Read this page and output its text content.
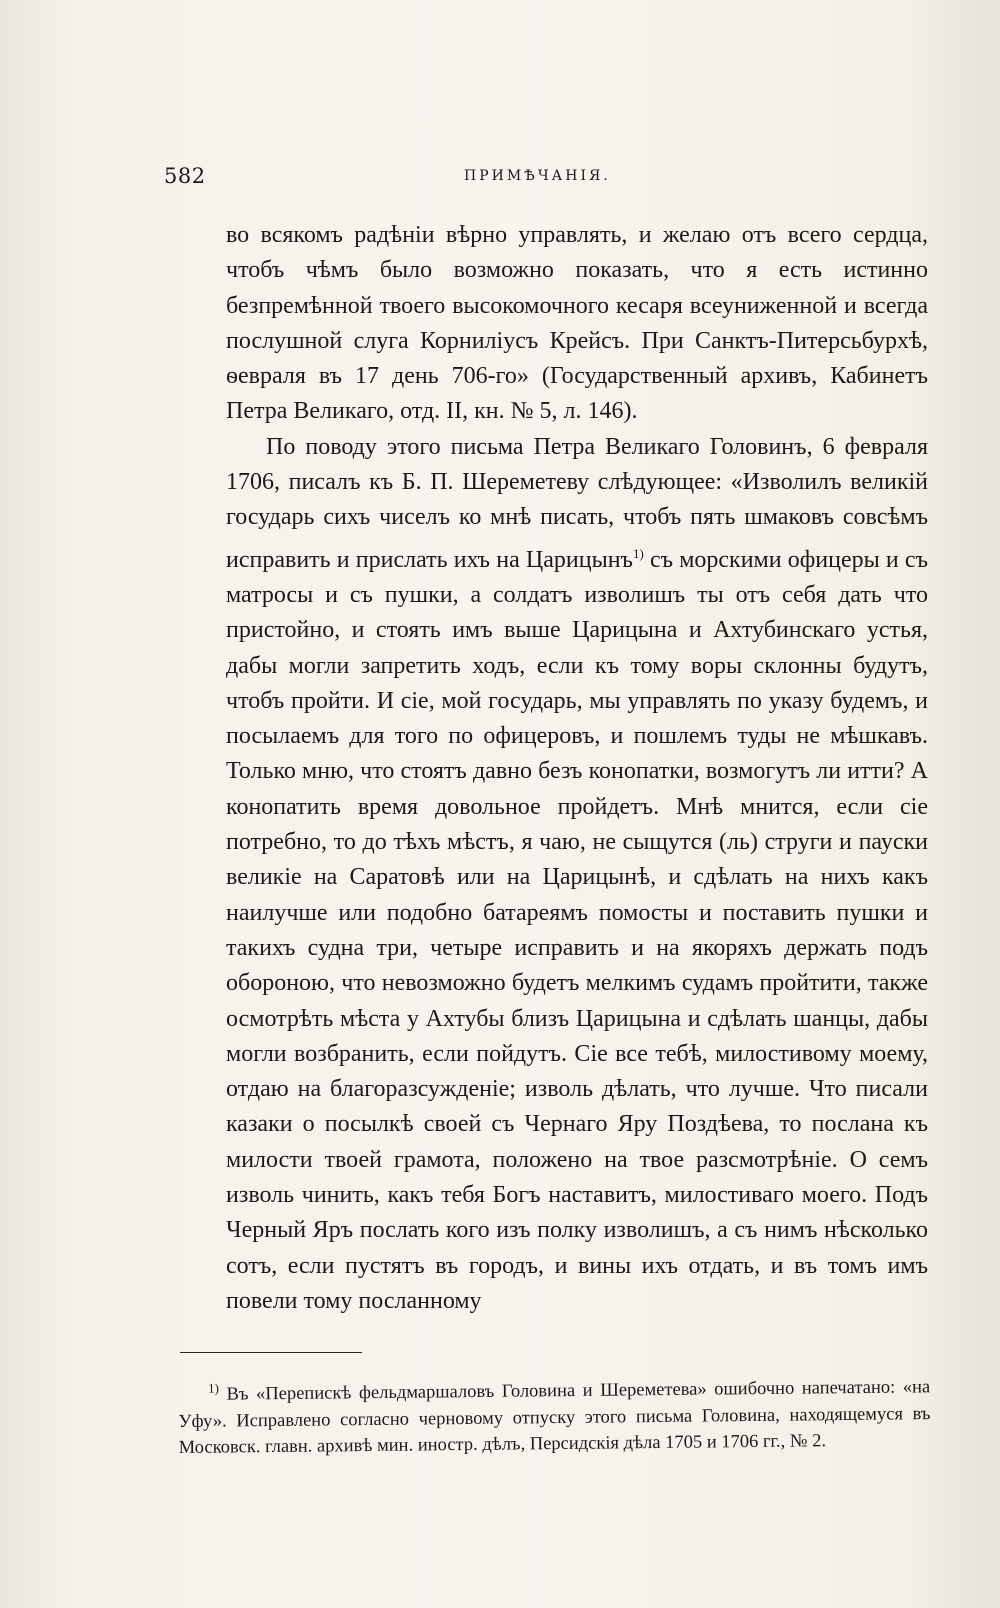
582	ПРИМѢЧАНІЯ.

во всякомъ радѣніи вѣрно управлять, и желаю отъ всего сердца, чтобъ чѣмъ было возможно показать, что я есть истинно безпремѣнной твоего высокомочного кесаря всеуниженной и всегда послушной слуга Корниліусъ Крейсъ. При Санктъ-Питерсьбурхѣ, ѳевраля въ 17 день 706-го» (Государственный архивъ, Кабинетъ Петра Великаго, отд. II, кн. № 5, л. 146).

По поводу этого письма Петра Великаго Головинъ, 6 февраля 1706, писалъ къ Б. П. Шереметеву слѣдующее: «Изволилъ великій государь сихъ чиселъ ко мнѣ писать, чтобъ пять шмаковъ совсѣмъ исправить и прислать ихъ на Царицынъ$^{1)}$ съ морскими офицеры и съ матросы и съ пушки, а солдатъ изволишъ ты отъ себя дать что пристойно, и стоять имъ выше Царицына и Ахтубинскаго устья, дабы могли запретить ходъ, если къ тому воры склонны будутъ, чтобъ пройти. И сіе, мой государь, мы управлять по указу будемъ, и посылаемъ для того по офицеровъ, и пошлемъ туды не мѣшкавъ. Только мню, что стоятъ давно безъ конопатки, возмогутъ ли итти? А конопатить время довольное пройдетъ. Мнѣ мнится, если сіе потребно, то до тѣхъ мѣстъ, я чаю, не сыщутся (ль) струги и пауски великіе на Саратовѣ или на Царицынѣ, и сдѣлать на нихъ какъ наилучше или подобно батареямъ помосты и поставить пушки и такихъ судна три, четыре исправить и на якоряхъ держать подъ обороною, что невозможно будетъ мелкимъ судамъ пройтити, также осмотрѣть мѣста у Ахтубы близъ Царицына и сдѣлать шанцы, дабы могли возбранить, если пойдутъ. Сіе все тебѣ, милостивому моему, отдаю на благоразсужденіе; изволь дѣлать, что лучше. Что писали казаки о посылкѣ своей съ Чернаго Яру Поздѣева, то послана къ милости твоей грамота, положено на твое разсмотрѣніе. О семъ изволь чинить, какъ тебя Богъ наставитъ, милостиваго моего. Подъ Черный Яръ послать кого изъ полку изволишъ, а съ нимъ нѣсколько сотъ, если пустятъ въ городъ, и вины ихъ отдать, и въ томъ имъ повели тому посланному

$^{1)}$ Въ «Перепискѣ фельдмаршаловъ Головина и Шереметева» ошибочно напечатано: «на Уфу». Исправлено согласно черновому отпуску этого письма Головина, находящемуся въ Московск. главн. архивѣ мин. иностр. дѣлъ, Персидскія дѣла 1705 и 1706 гг., № 2.
